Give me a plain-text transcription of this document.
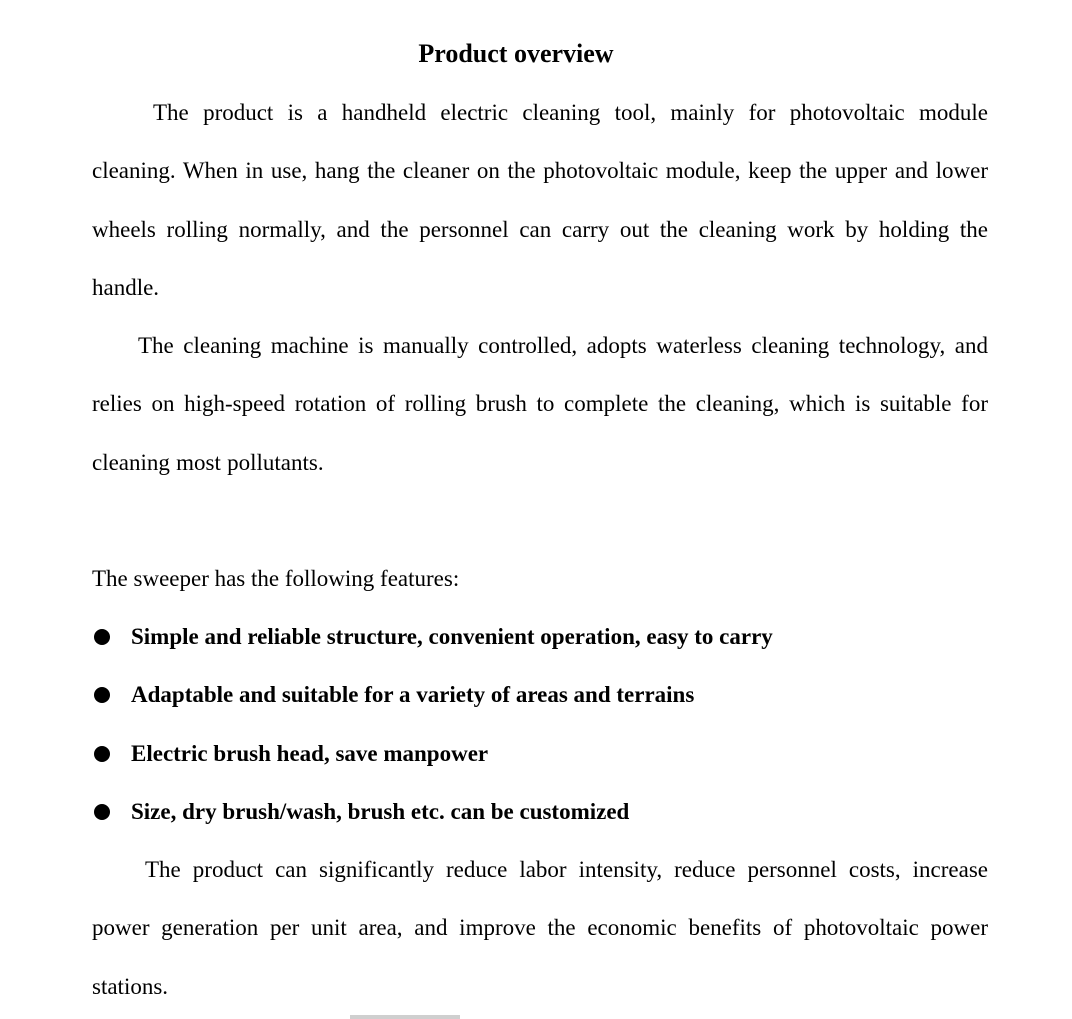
Product overview

The product is a handheld electric cleaning tool, mainly for photovoltaic module cleaning. When in use, hang the cleaner on the photovoltaic module, keep the upper and lower wheels rolling normally, and the personnel can carry out the cleaning work by holding the handle.

The cleaning machine is manually controlled, adopts waterless cleaning technology, and relies on high-speed rotation of rolling brush to complete the cleaning, which is suitable for cleaning most pollutants.

The sweeper has the following features:

Simple and reliable structure, convenient operation, easy to carry
Adaptable and suitable for a variety of areas and terrains
Electric brush head, save manpower
Size, dry brush/wash, brush etc. can be customized

The product can significantly reduce labor intensity, reduce personnel costs, increase power generation per unit area, and improve the economic benefits of photovoltaic power stations.
